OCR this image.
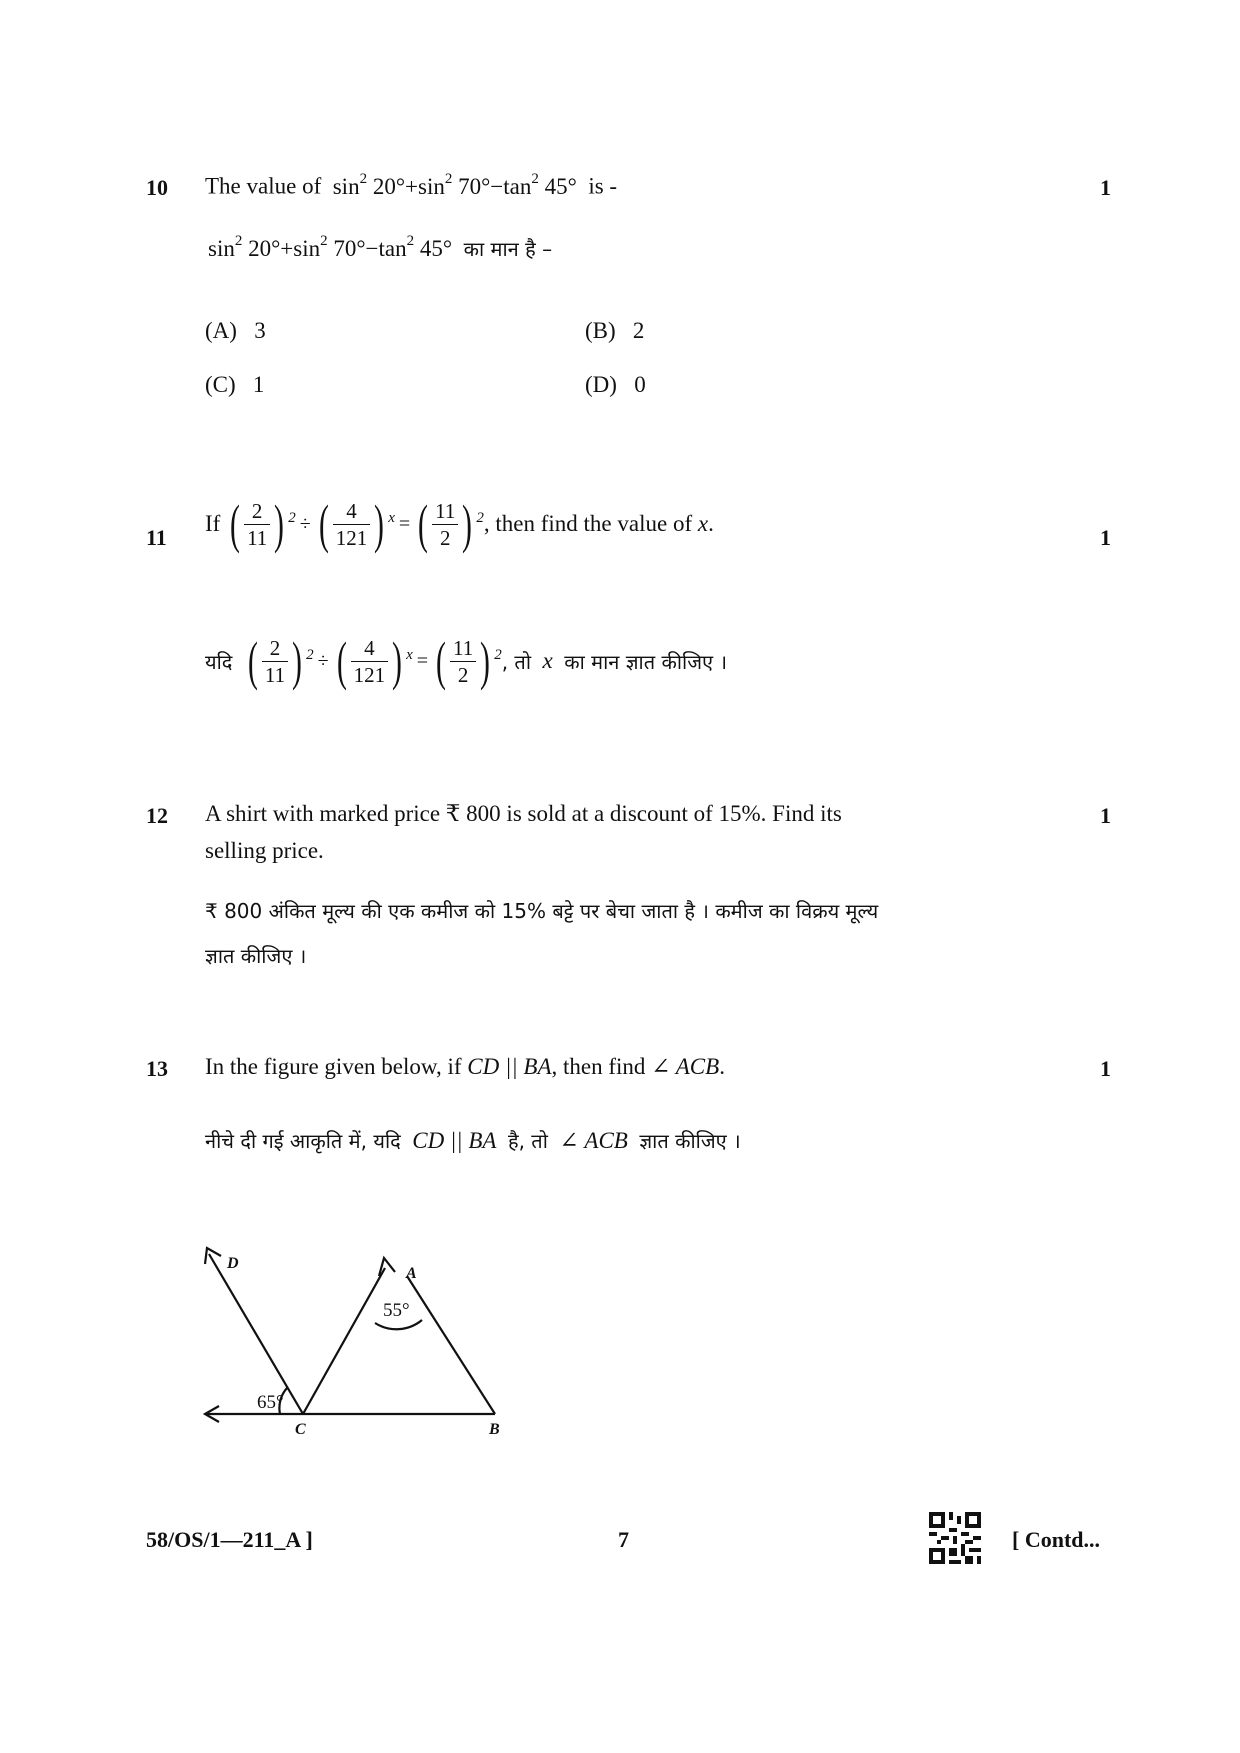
10 The value of $\sin^2 20^\circ+\sin^2$ $70^\circ-\tan^2$ 45° is -	1
$\sin^2 20^\circ+\sin^2$ $70^\circ-\tan^2$ 45° का मान है –
(A) 3	(B) 2
(C) 1	(D) 0
11
If
( $\frac{2}{11}$ ) 2 ÷ ( $\frac{4}{121}$ ) x = ( $\frac{11}{2}$ ) 2 , then find the value of
x .
1
यदि
( $\frac{2}{11}$ ) 2 ÷ ( $\frac{4}{121}$ ) x = ( $\frac{11}{2}$ ) 2 , तो
x
का मान ज्ञात कीजिए ।
12 A shirt with marked price ₹ 800 is sold at a discount of 15%. Find its
selling price.
1
₹ 800 अंकित मूल्य की एक कमीज को 15% बट्टे पर बेचा जाता है । कमीज का विक्रय मूल्य
ज्ञात कीजिए ।
13 In the figure given below, if CD || BA, then find ∠ ACB.	1
नीचे दी गई आकृति में, यदि CD || BA है, तो ∠ ACB ज्ञात कीजिए ।
A
D
C	B
55°
65°
58/OS/1—211_A ]	7	[ Contd...
